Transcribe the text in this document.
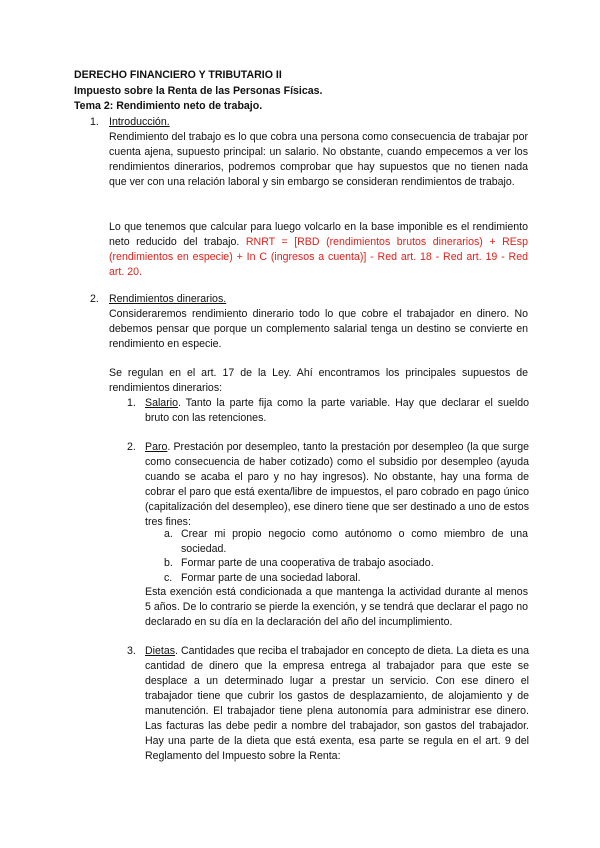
DERECHO FINANCIERO Y TRIBUTARIO II
Impuesto sobre la Renta de las Personas Físicas.
Tema 2: Rendimiento neto de trabajo.
1. Introducción.
Rendimiento del trabajo es lo que cobra una persona como consecuencia de trabajar por cuenta ajena, supuesto principal: un salario. No obstante, cuando empecemos a ver los rendimientos dinerarios, podremos comprobar que hay supuestos que no tienen nada que ver con una relación laboral y sin embargo se consideran rendimientos de trabajo.
Lo que tenemos que calcular para luego volcarlo en la base imponible es el rendimiento neto reducido del trabajo. RNRT = [RBD (rendimientos brutos dinerarios) + REsp (rendimientos en especie) + In C (ingresos a cuenta)] - Red art. 18 - Red art. 19 - Red art. 20.
2. Rendimientos dinerarios.
Consideraremos rendimiento dinerario todo lo que cobre el trabajador en dinero. No debemos pensar que porque un complemento salarial tenga un destino se convierte en rendimiento en especie.
Se regulan en el art. 17 de la Ley. Ahí encontramos los principales supuestos de rendimientos dinerarios:
1. Salario. Tanto la parte fija como la parte variable. Hay que declarar el sueldo bruto con las retenciones.
2. Paro. Prestación por desempleo, tanto la prestación por desempleo (la que surge como consecuencia de haber cotizado) como el subsidio por desempleo (ayuda cuando se acaba el paro y no hay ingresos). No obstante, hay una forma de cobrar el paro que está exenta/libre de impuestos, el paro cobrado en pago único (capitalización del desempleo), ese dinero tiene que ser destinado a uno de estos tres fines:
a. Crear mi propio negocio como autónomo o como miembro de una sociedad.
b. Formar parte de una cooperativa de trabajo asociado.
c. Formar parte de una sociedad laboral.
Esta exención está condicionada a que mantenga la actividad durante al menos 5 años. De lo contrario se pierde la exención, y se tendrá que declarar el pago no declarado en su día en la declaración del año del incumplimiento.
3. Dietas. Cantidades que reciba el trabajador en concepto de dieta. La dieta es una cantidad de dinero que la empresa entrega al trabajador para que este se desplace a un determinado lugar a prestar un servicio. Con ese dinero el trabajador tiene que cubrir los gastos de desplazamiento, de alojamiento y de manutención. El trabajador tiene plena autonomía para administrar ese dinero. Las facturas las debe pedir a nombre del trabajador, son gastos del trabajador. Hay una parte de la dieta que está exenta, esa parte se regula en el art. 9 del Reglamento del Impuesto sobre la Renta:
